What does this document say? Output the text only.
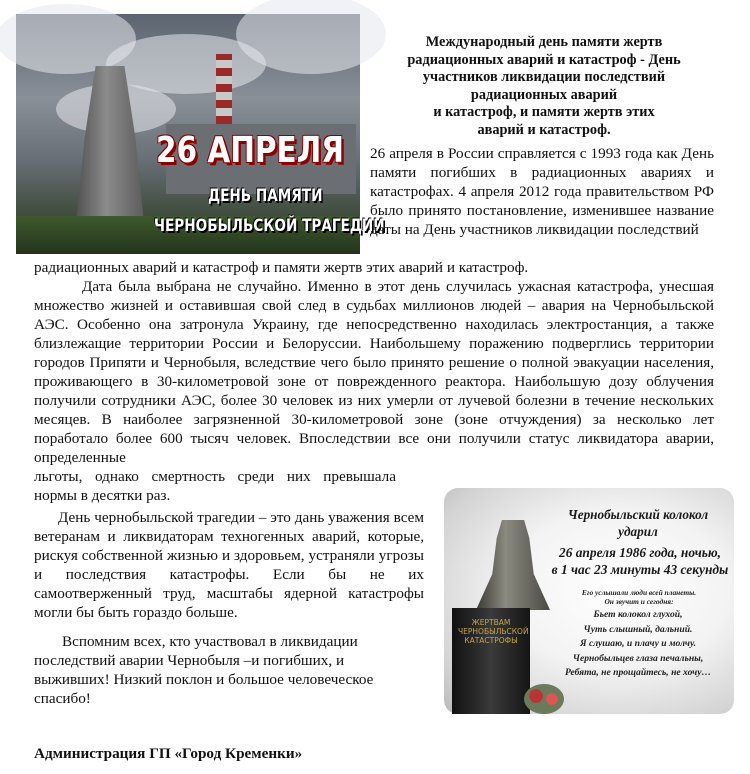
26 АПРЕЛЯ
ДЕНЬ ПАМЯТИ
ЧЕРНОБЫЛЬСКОЙ ТРАГЕДИИ
Международный день памяти жертв
радиационных аварий и катастроф - День
участников ликвидации последствий
радиационных аварий
и катастроф, и памяти жертв этих
аварий и катастроф.
26 апреля в России справляется с 1993 года как День памяти погибших в радиационных авариях и катастрофах. 4 апреля 2012 года правительством РФ было принято постановление, изменившее название даты на День участников ликвидации последствий
радиационных аварий и катастроф и памяти жертв этих аварий и катастроф.
Дата была выбрана не случайно. Именно в этот день случилась ужасная катастрофа, унесшая множество жизней и оставившая свой след в судьбах миллионов людей – авария на Чернобыльской АЭС. Особенно она затронула Украину, где непосредственно находилась электростанция, а также близлежащие территории России и Белоруссии. Наибольшему поражению подверглись территории городов Припяти и Чернобыля, вследствие чего было принято решение о полной эвакуации населения, проживающего в 30-километровой зоне от поврежденного реактора. Наибольшую дозу облучения получили сотрудники АЭС, более 30 человек из них умерли от лучевой болезни в течение нескольких месяцев. В наиболее загрязненной 30-километровой зоне (зоне отчуждения) за несколько лет поработало более 600 тысяч человек. Впоследствии все они получили статус ликвидатора аварии, определенные
льготы, однако смертность среди них превышала нормы в десятки раз.
День чернобыльской трагедии – это дань уважения всем ветеранам и ликвидаторам техногенных аварий, которые, рискуя собственной жизнью и здоровьем, устраняли угрозы и последствия катастрофы. Если бы не их самоотверженный труд, масштабы ядерной катастрофы могли бы быть гораздо больше.
Вспомним всех, кто участвовал в ликвидации последствий аварии Чернобыля –и погибших, и выживших! Низкий поклон и большое человеческое спасибо!
Администрация ГП «Город Кременки»
ЖЕРТВАМ
ЧЕРНОБЫЛЬСКОЙ
КАТАСТРОФЫ
Чернобыльский колокол
ударил
26 апреля 1986 года, ночью,
в 1 час 23 минуты 43 секунды
Его услышали люди всей планеты.
Он звучит и сегодня:
Бьет колокол глухой,
Чуть слышный, дальний.
Я слушаю, и плачу и молчу.
Чернобыльцев глаза печальны,
Ребята, не прощайтесь, не хочу…
